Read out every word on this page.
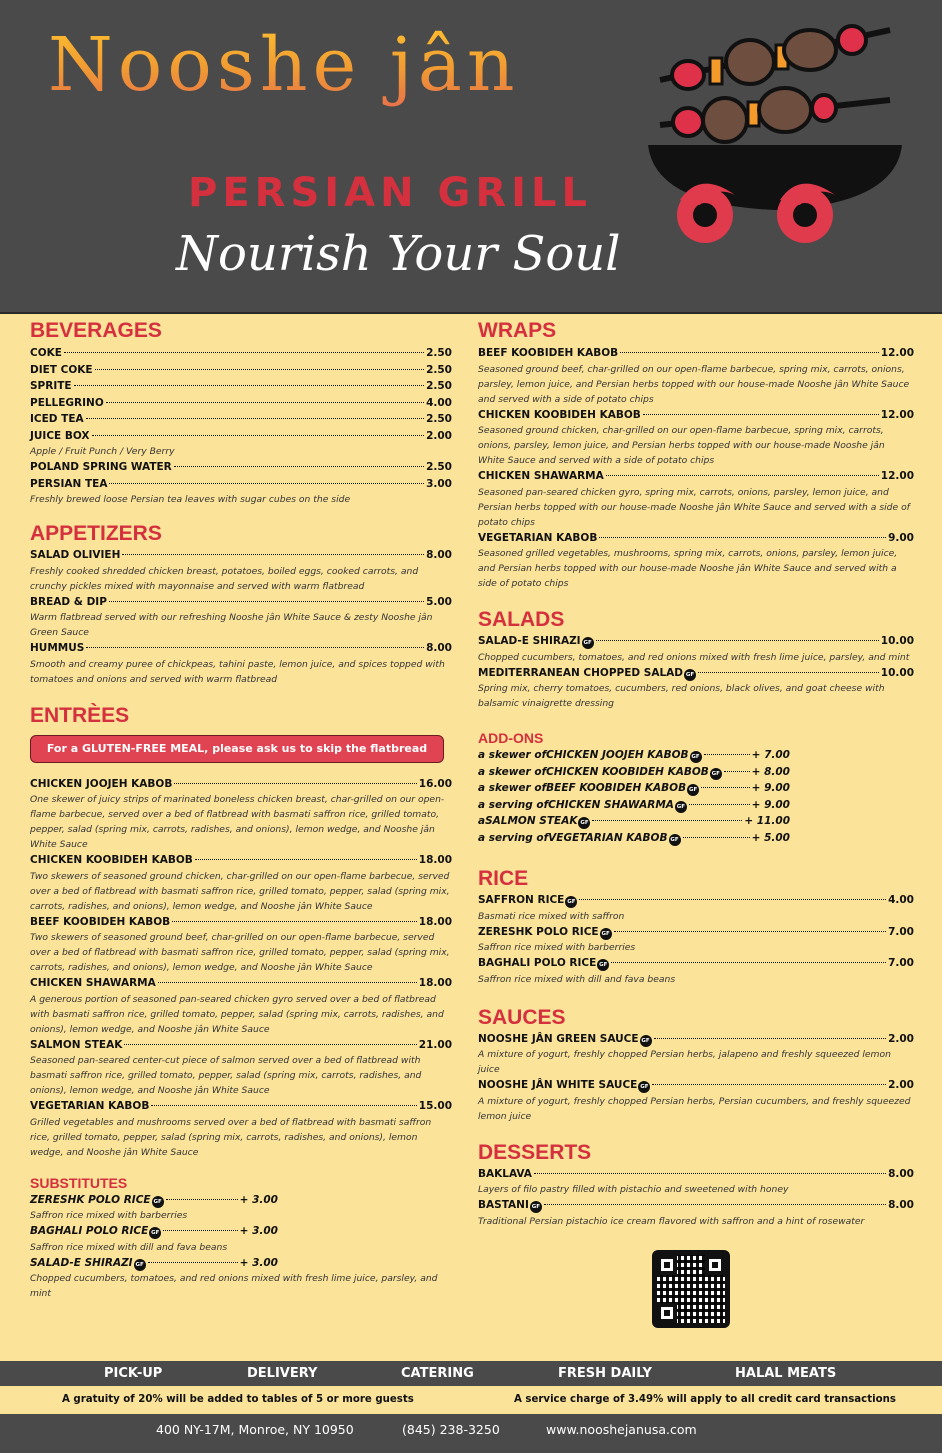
Nooshe jân
PERSIAN GRILL
Nourish Your Soul
BEVERAGES
COKE	2.50
DIET COKE	2.50
SPRITE	2.50
PELLEGRINO	4.00
ICED TEA	2.50
JUICE BOX	2.00
Apple / Fruit Punch / Very Berry
POLAND SPRING WATER	2.50
PERSIAN TEA	3.00
Freshly brewed loose Persian tea leaves with sugar cubes on the side
APPETIZERS
SALAD OLIVIEH	8.00
Freshly cooked shredded chicken breast, potatoes, boiled eggs, cooked carrots, and crunchy pickles mixed with mayonnaise and served with warm flatbread
BREAD & DIP	5.00
Warm flatbread served with our refreshing Nooshe jân White Sauce & zesty Nooshe jân Green Sauce
HUMMUS	8.00
Smooth and creamy puree of chickpeas, tahini paste, lemon juice, and spices topped with tomatoes and onions and served with warm flatbread
ENTRÈES
For a GLUTEN-FREE MEAL, please ask us to skip the flatbread
CHICKEN JOOJEH KABOB	16.00
One skewer of juicy strips of marinated boneless chicken breast, char-grilled on our open-flame barbecue, served over a bed of flatbread with basmati saffron rice, grilled tomato, pepper, salad (spring mix, carrots, radishes, and onions), lemon wedge, and Nooshe jân White Sauce
CHICKEN KOOBIDEH KABOB	18.00
Two skewers of seasoned ground chicken, char-grilled on our open-flame barbecue, served over a bed of flatbread with basmati saffron rice, grilled tomato, pepper, salad (spring mix, carrots, radishes, and onions), lemon wedge, and Nooshe jân White Sauce
BEEF KOOBIDEH KABOB	18.00
Two skewers of seasoned ground beef, char-grilled on our open-flame barbecue, served over a bed of flatbread with basmati saffron rice, grilled tomato, pepper, salad (spring mix, carrots, radishes, and onions), lemon wedge, and Nooshe jân White Sauce
CHICKEN SHAWARMA	18.00
A generous portion of seasoned pan-seared chicken gyro served over a bed of flatbread with basmati saffron rice, grilled tomato, pepper, salad (spring mix, carrots, radishes, and onions), lemon wedge, and Nooshe jân White Sauce
SALMON STEAK	21.00
Seasoned pan-seared center-cut piece of salmon served over a bed of flatbread with basmati saffron rice, grilled tomato, pepper, salad (spring mix, carrots, radishes, and onions), lemon wedge, and Nooshe jân White Sauce
VEGETARIAN KABOB	15.00
Grilled vegetables and mushrooms served over a bed of flatbread with basmati saffron rice, grilled tomato, pepper, salad (spring mix, carrots, radishes, and onions), lemon wedge, and Nooshe jân White Sauce
SUBSTITUTES
ZERESHK POLO RICE GF	+ 3.00
Saffron rice mixed with barberries
BAGHALI POLO RICE GF	+ 3.00
Saffron rice mixed with dill and fava beans
SALAD-E SHIRAZI GF	+ 3.00
Chopped cucumbers, tomatoes, and red onions mixed with fresh lime juice, parsley, and mint
WRAPS
BEEF KOOBIDEH KABOB	12.00
Seasoned ground beef, char-grilled on our open-flame barbecue, spring mix, carrots, onions, parsley, lemon juice, and Persian herbs topped with our house-made Nooshe jân White Sauce and served with a side of potato chips
CHICKEN KOOBIDEH KABOB	12.00
Seasoned ground chicken, char-grilled on our open-flame barbecue, spring mix, carrots, onions, parsley, lemon juice, and Persian herbs topped with our house-made Nooshe jân White Sauce and served with a side of potato chips
CHICKEN SHAWARMA	12.00
Seasoned pan-seared chicken gyro, spring mix, carrots, onions, parsley, lemon juice, and Persian herbs topped with our house-made Nooshe jân White Sauce and served with a side of potato chips
VEGETARIAN KABOB	9.00
Seasoned grilled vegetables, mushrooms, spring mix, carrots, onions, parsley, lemon juice, and Persian herbs topped with our house-made Nooshe jân White Sauce and served with a side of potato chips
SALADS
SALAD-E SHIRAZI GF	10.00
Chopped cucumbers, tomatoes, and red onions mixed with fresh lime juice, parsley, and mint
MEDITERRANEAN CHOPPED SALAD GF	10.00
Spring mix, cherry tomatoes, cucumbers, red onions, black olives, and goat cheese with balsamic vinaigrette dressing
ADD-ONS
a skewer of CHICKEN JOOJEH KABOB GF	+ 7.00
a skewer of CHICKEN KOOBIDEH KABOB GF	+ 8.00
a skewer of BEEF KOOBIDEH KABOB GF	+ 9.00
a serving of CHICKEN SHAWARMA GF	+ 9.00
a SALMON STEAK GF	+ 11.00
a serving of VEGETARIAN KABOB GF	+ 5.00
RICE
SAFFRON RICE GF	4.00
Basmati rice mixed with saffron
ZERESHK POLO RICE GF	7.00
Saffron rice mixed with barberries
BAGHALI POLO RICE GF	7.00
Saffron rice mixed with dill and fava beans
SAUCES
NOOSHE JÂN GREEN SAUCE GF	2.00
A mixture of yogurt, freshly chopped Persian herbs, jalapeno and freshly squeezed lemon juice
NOOSHE JÂN WHITE SAUCE GF	2.00
A mixture of yogurt, freshly chopped Persian herbs, Persian cucumbers, and freshly squeezed lemon juice
DESSERTS
BAKLAVA	8.00
Layers of filo pastry filled with pistachio and sweetened with honey
BASTANI GF	8.00
Traditional Persian pistachio ice cream flavored with saffron and a hint of rosewater
PICK-UP	DELIVERY	CATERING	FRESH DAILY	HALAL MEATS
A gratuity of 20% will be added to tables of 5 or more guests	A service charge of 3.49% will apply to all credit card transactions
400 NY-17M, Monroe, NY 10950	(845) 238-3250	www.nooshejanusa.com
